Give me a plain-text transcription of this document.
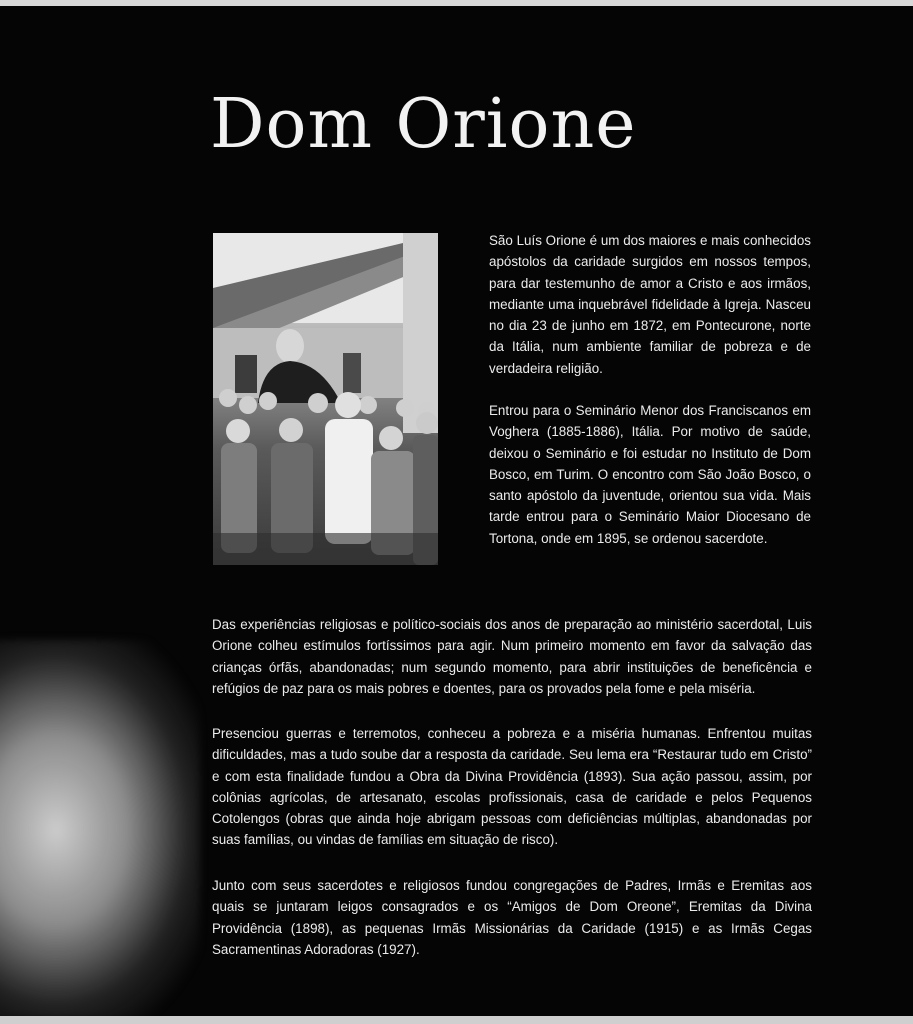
Dom Orione

São Luís Orione é um dos maiores e mais conhecidos apóstolos da caridade surgidos em nossos tempos, para dar testemunho de amor a Cristo e aos irmãos, mediante uma inquebrável fidelidade à Igreja. Nasceu no dia 23 de junho em 1872, em Pontecurone, norte da Itália, num ambiente familiar de pobreza e de verdadeira religião.

Entrou para o Seminário Menor dos Franciscanos em Voghera (1885-1886), Itália. Por motivo de saúde, deixou o Seminário e foi estudar no Instituto de Dom Bosco, em Turim. O encontro com São João Bosco, o santo apóstolo da juventude, orientou sua vida. Mais tarde entrou para o Seminário Maior Diocesano de Tortona, onde em 1895, se ordenou sacerdote.

Das experiências religiosas e político-sociais dos anos de preparação ao ministério sacerdotal, Luis Orione colheu estímulos fortíssimos para agir. Num primeiro momento em favor da salvação das crianças órfãs, abandonadas; num segundo momento, para abrir instituições de beneficência e refúgios de paz para os mais pobres e doentes, para os provados pela fome e pela miséria.

Presenciou guerras e terremotos, conheceu a pobreza e a miséria humanas. Enfrentou muitas dificuldades, mas a tudo soube dar a resposta da caridade. Seu lema era “Restaurar tudo em Cristo” e com esta finalidade fundou a Obra da Divina Providência (1893). Sua ação passou, assim, por colônias agrícolas, de artesanato, escolas profissionais, casa de caridade e pelos Pequenos Cotolengos (obras que ainda hoje abrigam pessoas com deficiências múltiplas, abandonadas por suas famílias, ou vindas de famílias em situação de risco).

Junto com seus sacerdotes e religiosos fundou congregações de Padres, Irmãs e Eremitas aos quais se juntaram leigos consagrados e os “Amigos de Dom Oreone”, Eremitas da Divina Providência (1898), as pequenas Irmãs Missionárias da Caridade (1915) e as Irmãs Cegas Sacramentinas Adoradoras (1927).
